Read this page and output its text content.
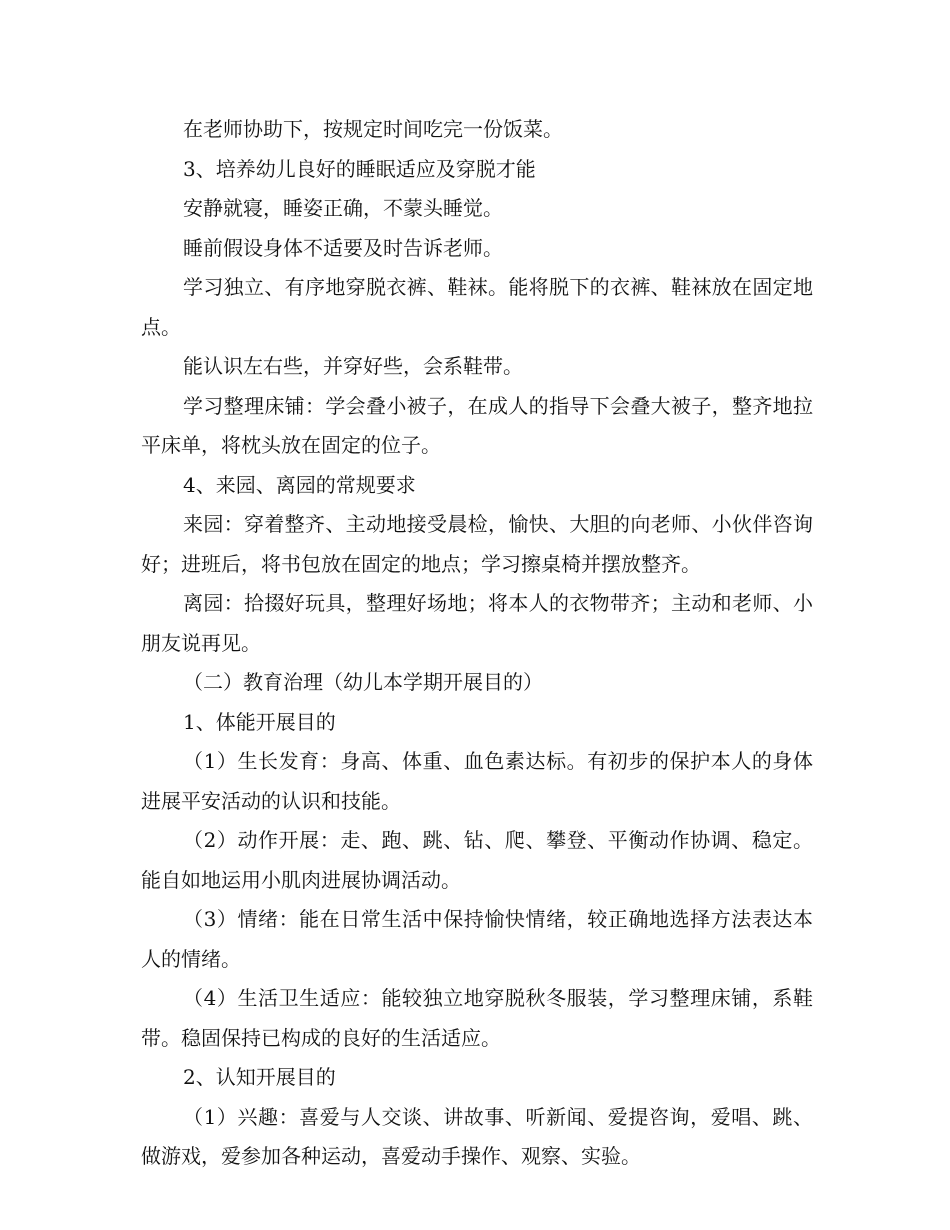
在老师协助下，按规定时间吃完一份饭菜。

3、培养幼儿良好的睡眠适应及穿脱才能

安静就寝，睡姿正确，不蒙头睡觉。

睡前假设身体不适要及时告诉老师。

学习独立、有序地穿脱衣裤、鞋袜。能将脱下的衣裤、鞋袜放在固定地点。

能认识左右些，并穿好些，会系鞋带。

学习整理床铺：学会叠小被子，在成人的指导下会叠大被子，整齐地拉平床单，将枕头放在固定的位子。

4、来园、离园的常规要求

来园：穿着整齐、主动地接受晨检，愉快、大胆的向老师、小伙伴咨询好；进班后，将书包放在固定的地点；学习擦桌椅并摆放整齐。

离园：拾掇好玩具，整理好场地；将本人的衣物带齐；主动和老师、小朋友说再见。

（二）教育治理（幼儿本学期开展目的）

1、体能开展目的

（1）生长发育：身高、体重、血色素达标。有初步的保护本人的身体进展平安活动的认识和技能。

（2）动作开展：走、跑、跳、钻、爬、攀登、平衡动作协调、稳定。能自如地运用小肌肉进展协调活动。

（3）情绪：能在日常生活中保持愉快情绪，较正确地选择方法表达本人的情绪。

（4）生活卫生适应：能较独立地穿脱秋冬服装，学习整理床铺，系鞋带。稳固保持已构成的良好的生活适应。

2、认知开展目的

（1）兴趣：喜爱与人交谈、讲故事、听新闻、爱提咨询，爱唱、跳、做游戏，爱参加各种运动，喜爱动手操作、观察、实验。
